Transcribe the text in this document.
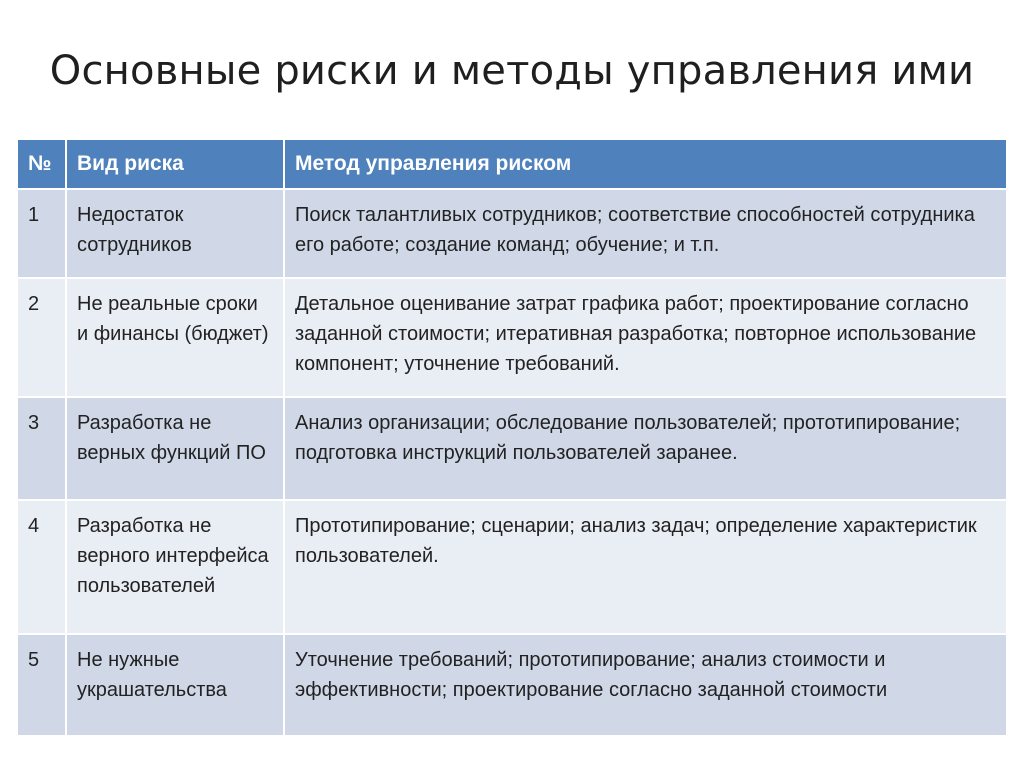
Основные риски и методы управления ими
№	Вид риска	Метод управления риском
1	Недостаток сотрудников	Поиск талантливых сотрудников; соответствие способностей сотрудника его работе; создание команд; обучение; и т.п.
2	Не реальные сроки и финансы (бюджет)	Детальное оценивание затрат графика работ; проектирование согласно заданной стоимости; итеративная разработка; повторное использование компонент; уточнение требований.
3	Разработка не верных функций ПО	Анализ организации; обследование пользователей; прототипирование; подготовка инструкций пользователей заранее.
4	Разработка не верного интерфейса пользователей	Прототипирование; сценарии; анализ задач; определение характеристик пользователей.
5	Не нужные украшательства	Уточнение требований; прототипирование; анализ стоимости и эффективности; проектирование согласно заданной стоимости
